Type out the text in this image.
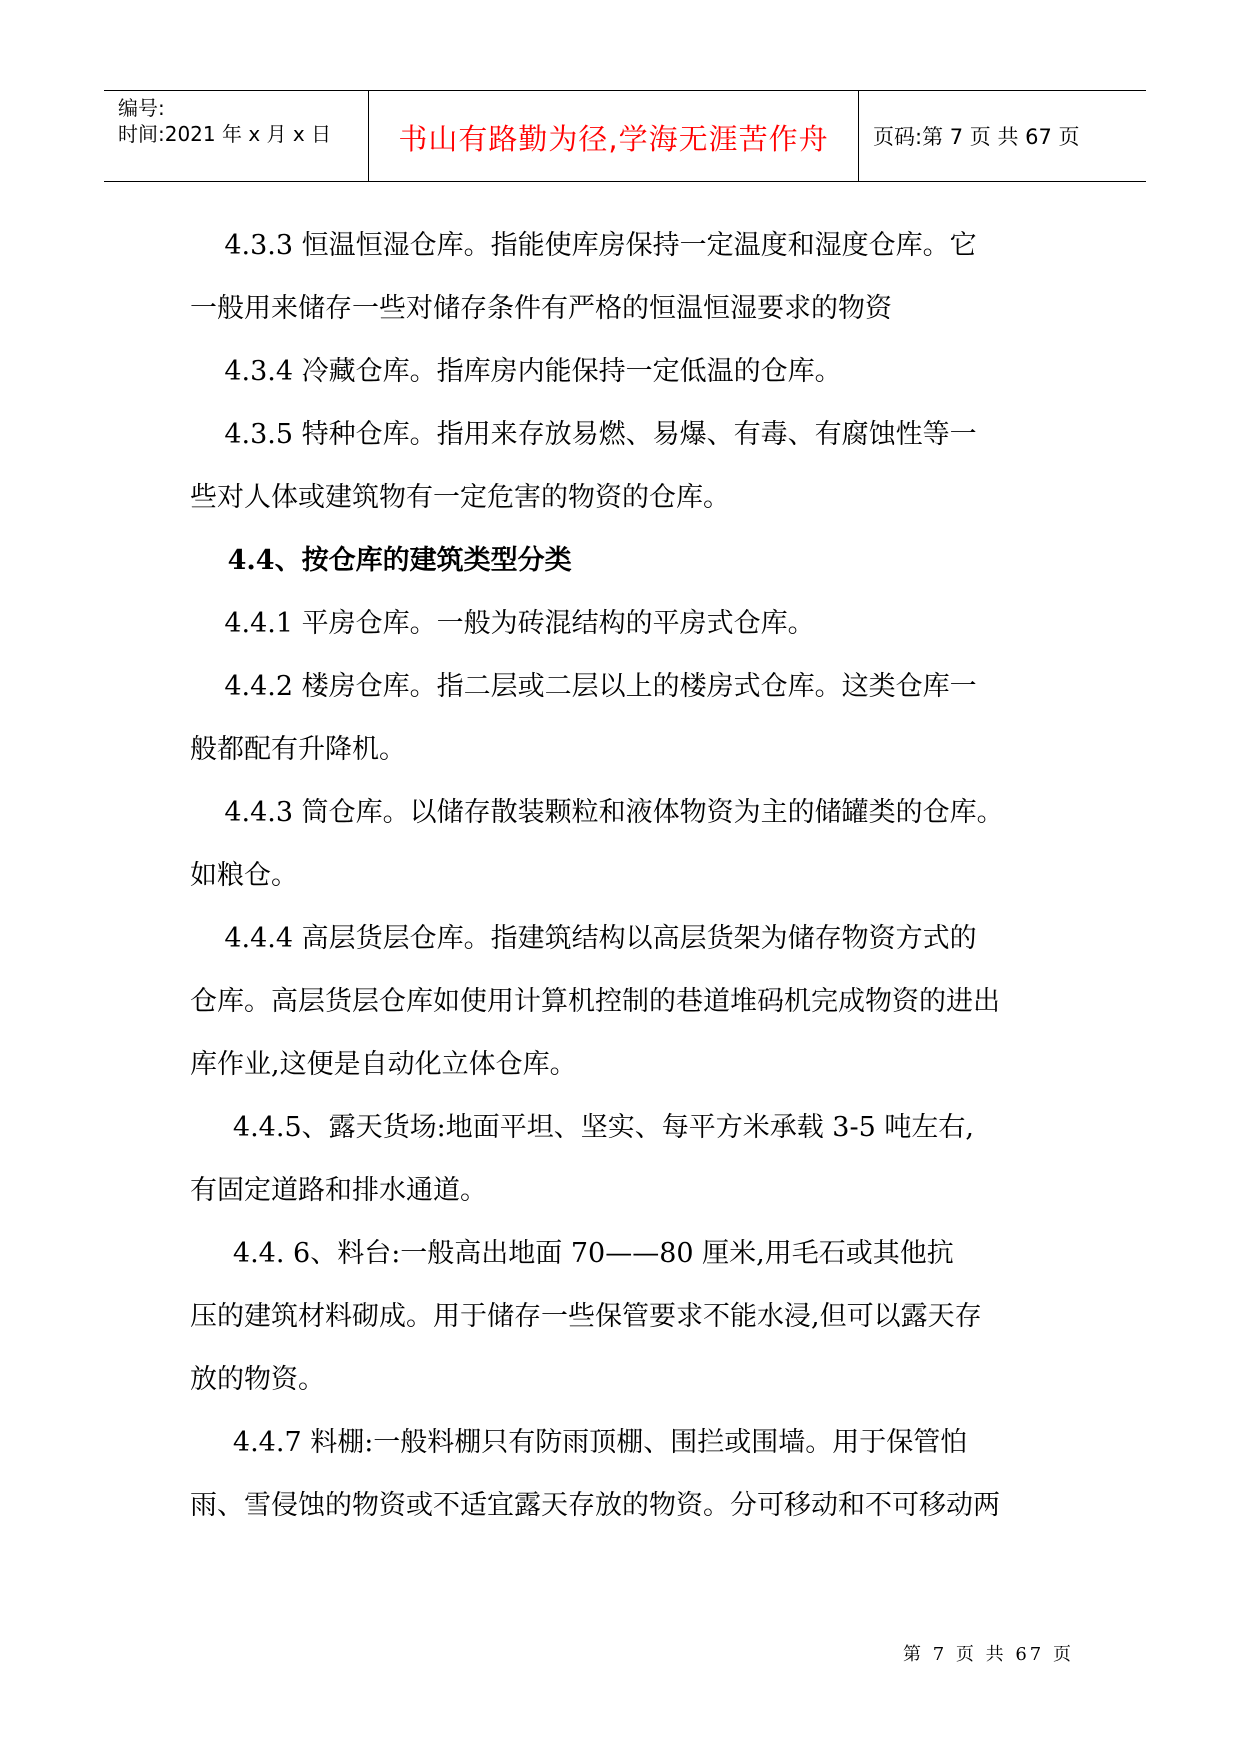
编号:
时间:2021 年 x 月 x 日	书山有路勤为径,学海无涯苦作舟	页码:第 7 页 共 67 页
4.3.3 恒温恒湿仓库。指能使库房保持一定温度和湿度仓库。它
一般用来储存一些对储存条件有严格的恒温恒湿要求的物资
4.3.4 冷藏仓库。指库房内能保持一定低温的仓库。
4.3.5 特种仓库。指用来存放易燃、易爆、有毒、有腐蚀性等一
些对人体或建筑物有一定危害的物资的仓库。
4.4、按仓库的建筑类型分类
4.4.1 平房仓库。一般为砖混结构的平房式仓库。
4.4.2 楼房仓库。指二层或二层以上的楼房式仓库。这类仓库一
般都配有升降机。
4.4.3 筒仓库。以储存散装颗粒和液体物资为主的储罐类的仓库。
如粮仓。
4.4.4 高层货层仓库。指建筑结构以高层货架为储存物资方式的
仓库。高层货层仓库如使用计算机控制的巷道堆码机完成物资的进出
库作业,这便是自动化立体仓库。
4.4.5、露天货场:地面平坦、坚实、每平方米承载 3-5 吨左右,
有固定道路和排水通道。
4.4. 6、料台:一般高出地面 70——80 厘米,用毛石或其他抗
压的建筑材料砌成。用于储存一些保管要求不能水浸,但可以露天存
放的物资。
4.4.7 料棚:一般料棚只有防雨顶棚、围拦或围墙。用于保管怕
雨、雪侵蚀的物资或不适宜露天存放的物资。分可移动和不可移动两
第 7 页 共 67 页
